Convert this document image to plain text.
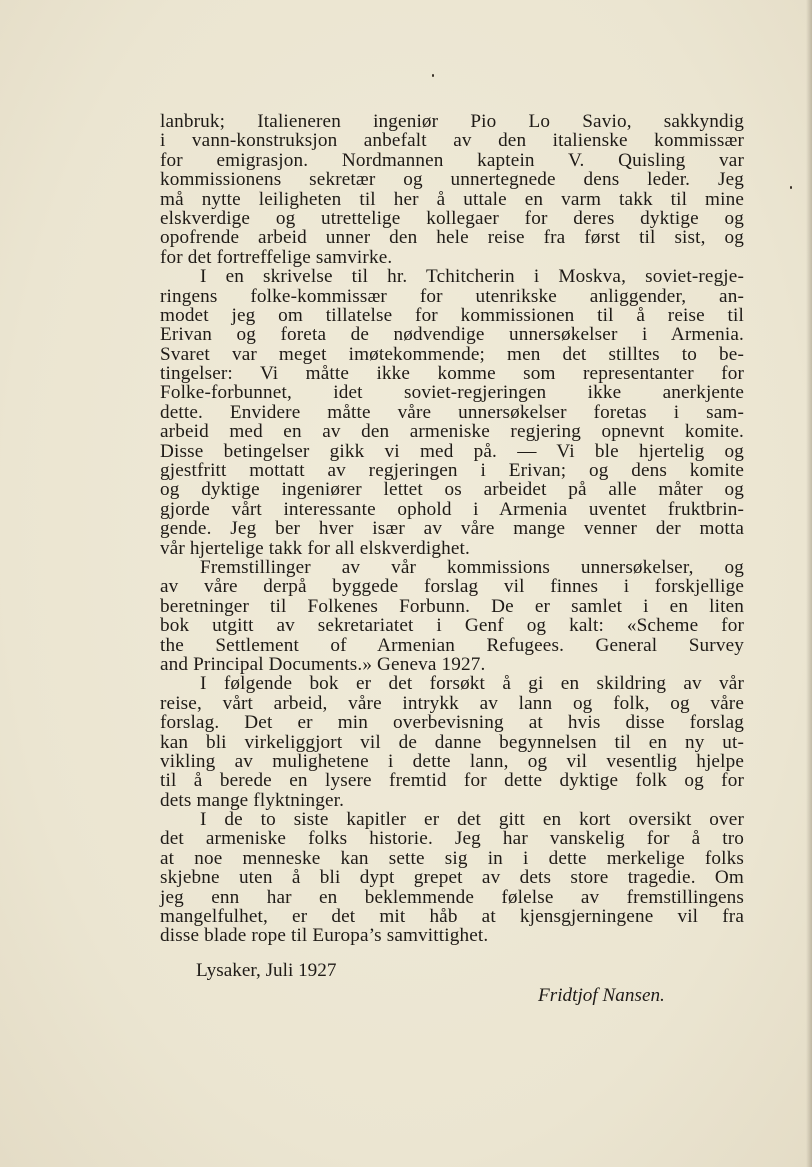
lanbruk; Italieneren ingeniør Pio Lo Savio, sakkyndig
i vann-konstruksjon anbefalt av den italienske kommissær
for emigrasjon. Nordmannen kaptein V. Quisling var
kommissionens sekretær og unnertegnede dens leder. Jeg
må nytte leiligheten til her å uttale en varm takk til mine
elskverdige og utrettelige kollegaer for deres dyktige og
opofrende arbeid unner den hele reise fra først til sist, og
for det fortreffelige samvirke.
I en skrivelse til hr. Tchitcherin i Moskva, soviet-regje-
ringens folke-kommissær for utenrikske anliggender, an-
modet jeg om tillatelse for kommissionen til å reise til
Erivan og foreta de nødvendige unnersøkelser i Armenia.
Svaret var meget imøtekommende; men det stilltes to be-
tingelser: Vi måtte ikke komme som representanter for
Folke-forbunnet, idet soviet-regjeringen ikke anerkjente
dette. Envidere måtte våre unnersøkelser foretas i sam-
arbeid med en av den armeniske regjering opnevnt komite.
Disse betingelser gikk vi med på. — Vi ble hjertelig og
gjestfritt mottatt av regjeringen i Erivan; og dens komite
og dyktige ingeniører lettet os arbeidet på alle måter og
gjorde vårt interessante ophold i Armenia uventet fruktbrin-
gende. Jeg ber hver især av våre mange venner der motta
vår hjertelige takk for all elskverdighet.
Fremstillinger av vår kommissions unnersøkelser, og
av våre derpå byggede forslag vil finnes i forskjellige
beretninger til Folkenes Forbunn. De er samlet i en liten
bok utgitt av sekretariatet i Genf og kalt: «Scheme for
the Settlement of Armenian Refugees. General Survey
and Principal Documents.» Geneva 1927.
I følgende bok er det forsøkt å gi en skildring av vår
reise, vårt arbeid, våre intrykk av lann og folk, og våre
forslag. Det er min overbevisning at hvis disse forslag
kan bli virkeliggjort vil de danne begynnelsen til en ny ut-
vikling av mulighetene i dette lann, og vil vesentlig hjelpe
til å berede en lysere fremtid for dette dyktige folk og for
dets mange flyktninger.
I de to siste kapitler er det gitt en kort oversikt over
det armeniske folks historie. Jeg har vanskelig for å tro
at noe menneske kan sette sig in i dette merkelige folks
skjebne uten å bli dypt grepet av dets store tragedie. Om
jeg enn har en beklemmende følelse av fremstillingens
mangelfulhet, er det mit håb at kjensgjerningene vil fra
disse blade rope til Europa’s samvittighet.
Lysaker, Juli 1927
Fridtjof Nansen.
